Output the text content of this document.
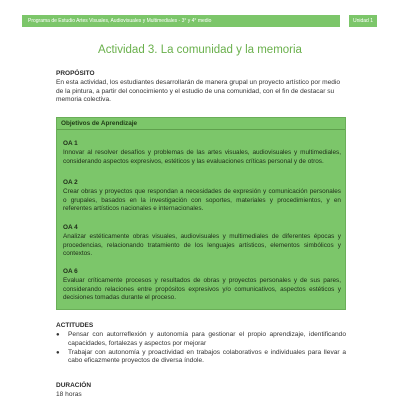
Programa de Estudio Artes Visuales, Audiovisuales y Multimediales - 3° y 4° medio	Unidad 1
Actividad 3. La comunidad y la memoria
PROPÓSITO
En esta actividad, los estudiantes desarrollarán de manera grupal un proyecto artístico por medio de la pintura, a partir del conocimiento y el estudio de una comunidad, con el fin de destacar su memoria colectiva.
Objetivos de Aprendizaje
OA 1
Innovar al resolver desafíos y problemas de las artes visuales, audiovisuales y multimediales, considerando aspectos expresivos, estéticos y las evaluaciones críticas personal y de otros.
OA 2
Crear obras y proyectos que respondan a necesidades de expresión y comunicación personales o grupales, basados en la investigación con soportes, materiales y procedimientos, y en referentes artísticos nacionales e internacionales.
OA 4
Analizar estéticamente obras visuales, audiovisuales y multimediales de diferentes épocas y procedencias, relacionando tratamiento de los lenguajes artísticos, elementos simbólicos y contextos.
OA 6
Evaluar críticamente procesos y resultados de obras y proyectos personales y de sus pares, considerando relaciones entre propósitos expresivos y/o comunicativos, aspectos estéticos y decisiones tomadas durante el proceso.
ACTITUDES
● Pensar con autorreflexión y autonomía para gestionar el propio aprendizaje, identificando capacidades, fortalezas y aspectos por mejorar
● Trabajar con autonomía y proactividad en trabajos colaborativos e individuales para llevar a cabo eficazmente proyectos de diversa índole.
DURACIÓN
18 horas
